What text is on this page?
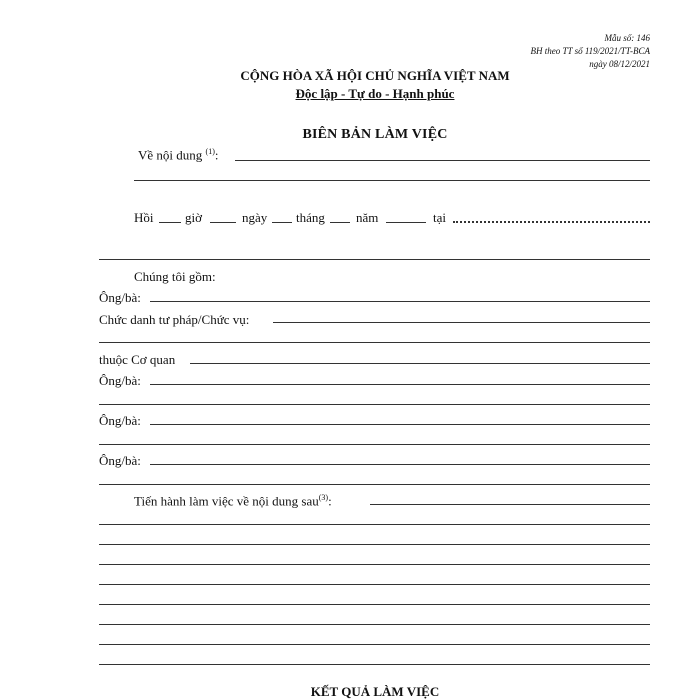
Mẫu số: 146
BH theo TT số 119/2021/TT-BCA
ngày 08/12/2021
CỘNG HÒA XÃ HỘI CHỦ NGHĨA VIỆT NAM
Độc lập - Tự do - Hạnh phúc
BIÊN BẢN LÀM VIỆC
Về nội dung $^{(1)}$:
Hồi giờ	ngày tháng năm	tại
Chúng tôi gồm:
Ông/bà:
Chức danh tư pháp/Chức vụ:
thuộc Cơ quan
Ông/bà:
Ông/bà:
Ông/bà:
Tiến hành làm việc về nội dung sau$^{(3)}$:
KẾT QUẢ LÀM VIỆC
